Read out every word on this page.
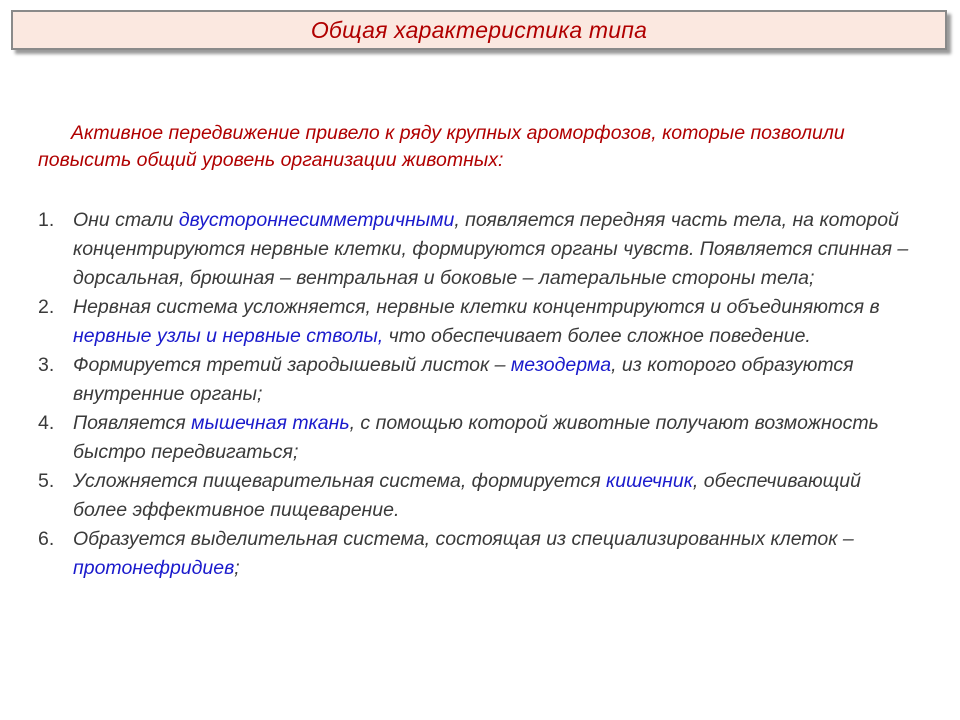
Общая характеристика типа

Активное передвижение привело к ряду крупных ароморфозов, которые позволили повысить общий уровень организации животных:

1. Они стали двустороннесимметричными, появляется передняя часть тела, на которой концентрируются нервные клетки, формируются органы чувств. Появляется спинная – дорсальная, брюшная – вентральная и боковые – латеральные стороны тела;
2. Нервная система усложняется, нервные клетки концентрируются и объединяются в нервные узлы и нервные стволы, что обеспечивает более сложное поведение.
3. Формируется третий зародышевый листок – мезодерма, из которого образуются внутренние органы;
4. Появляется мышечная ткань, с помощью которой животные получают возможность быстро передвигаться;
5. Усложняется пищеварительная система, формируется кишечник, обеспечивающий более эффективное пищеварение.
6. Образуется выделительная система, состоящая из специализированных клеток – протонефридиев;
